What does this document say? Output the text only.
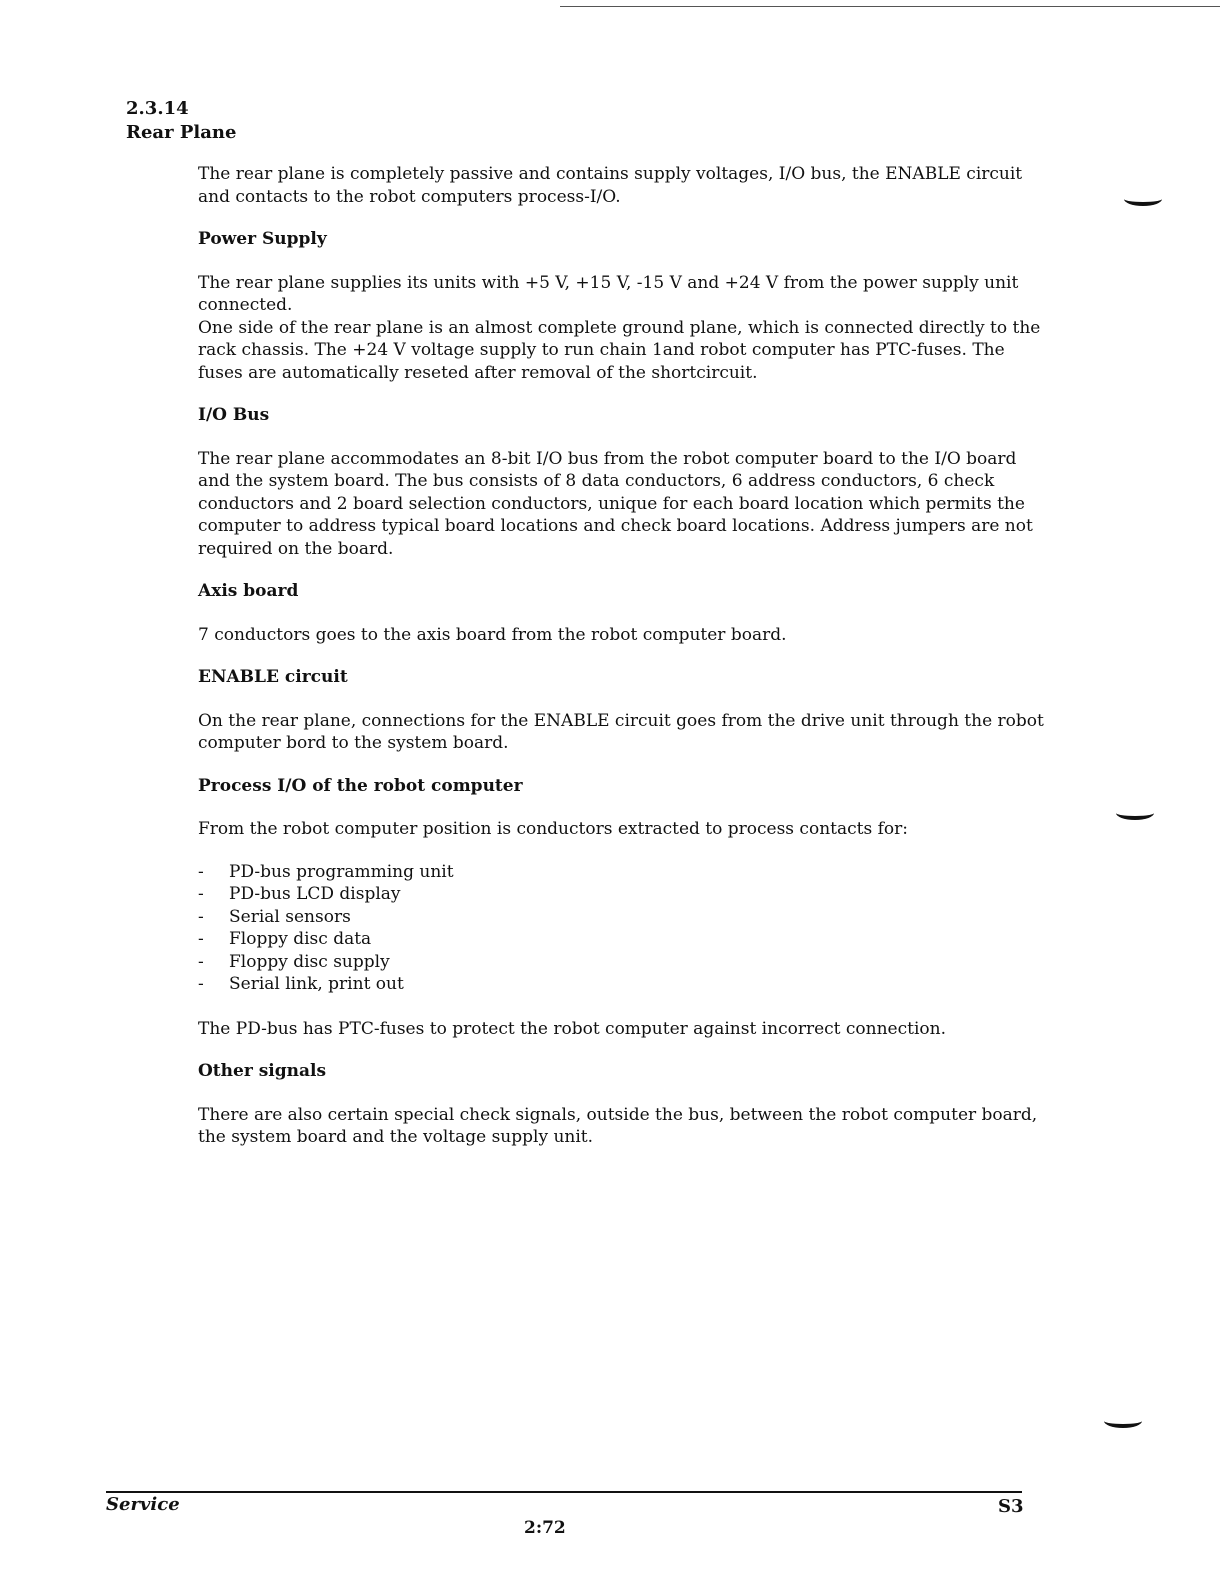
2.3.14
Rear Plane

The rear plane is completely passive and contains supply voltages, I/O bus, the ENABLE circuit and contacts to the robot computers process-I/O.

Power Supply
The rear plane supplies its units with +5 V, +15 V, -15 V and +24 V from the power supply unit connected.
One side of the rear plane is an almost complete ground plane, which is connected directly to the rack chassis. The +24 V voltage supply to run chain 1and robot computer has PTC-fuses. The fuses are automatically reseted after removal of the shortcircuit.
I/O Bus

The rear plane accommodates an 8-bit I/O bus from the robot computer board to the I/O board and the system board. The bus consists of 8 data conductors, 6 address conductors, 6 check conductors and 2 board selection conductors, unique for each board location which permits the computer to address typical board locations and check board locations. Address jumpers are not required on the board.

Axis board

7 conductors goes to the axis board from the robot computer board.

ENABLE circuit

On the rear plane, connections for the ENABLE circuit goes from the drive unit through the robot computer bord to the system board.

Process I/O of the robot computer

From the robot computer position is conductors extracted to process contacts for:

- PD-bus programming unit
- PD-bus LCD display
- Serial sensors
- Floppy disc data
- Floppy disc supply
- Serial link, print out

The PD-bus has PTC-fuses to protect the robot computer against incorrect connection.

Other signals

There are also certain special check signals, outside the bus, between the robot computer board, the system board and the voltage supply unit.

Service	S3
2:72
